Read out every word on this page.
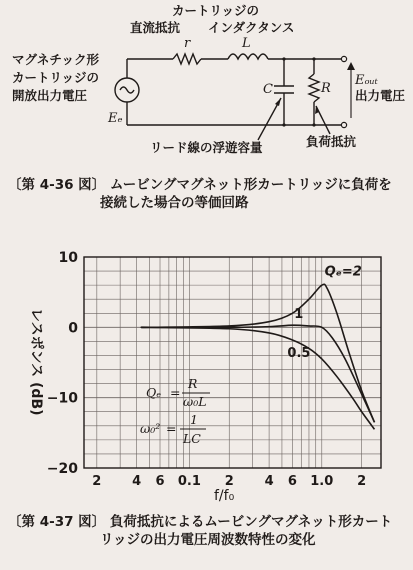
カートリッジの
直流抵抗 インダクタンス
マグネチック形
カートリッジの
開放出力電圧	出力電圧
負荷抵抗
リード線の浮遊容量
r	L
Eₑ
C	R
Eₒᵤₜ
〔第 4-36 図〕 ムービングマグネット形カートリッジに負荷を
接続した場合の等価回路
10
0
−10
−20
2 4 6 0.1 2 4 6 1.0 2
Qₑ=2
1
0.5
レスポンス (dB)
f/f₀
Qₑ =
R
ω₀L
ω₀² =
1
LC
〔第 4-37 図〕 負荷抵抗によるムービングマグネット形カート
リッジの出力電圧周波数特性の変化
